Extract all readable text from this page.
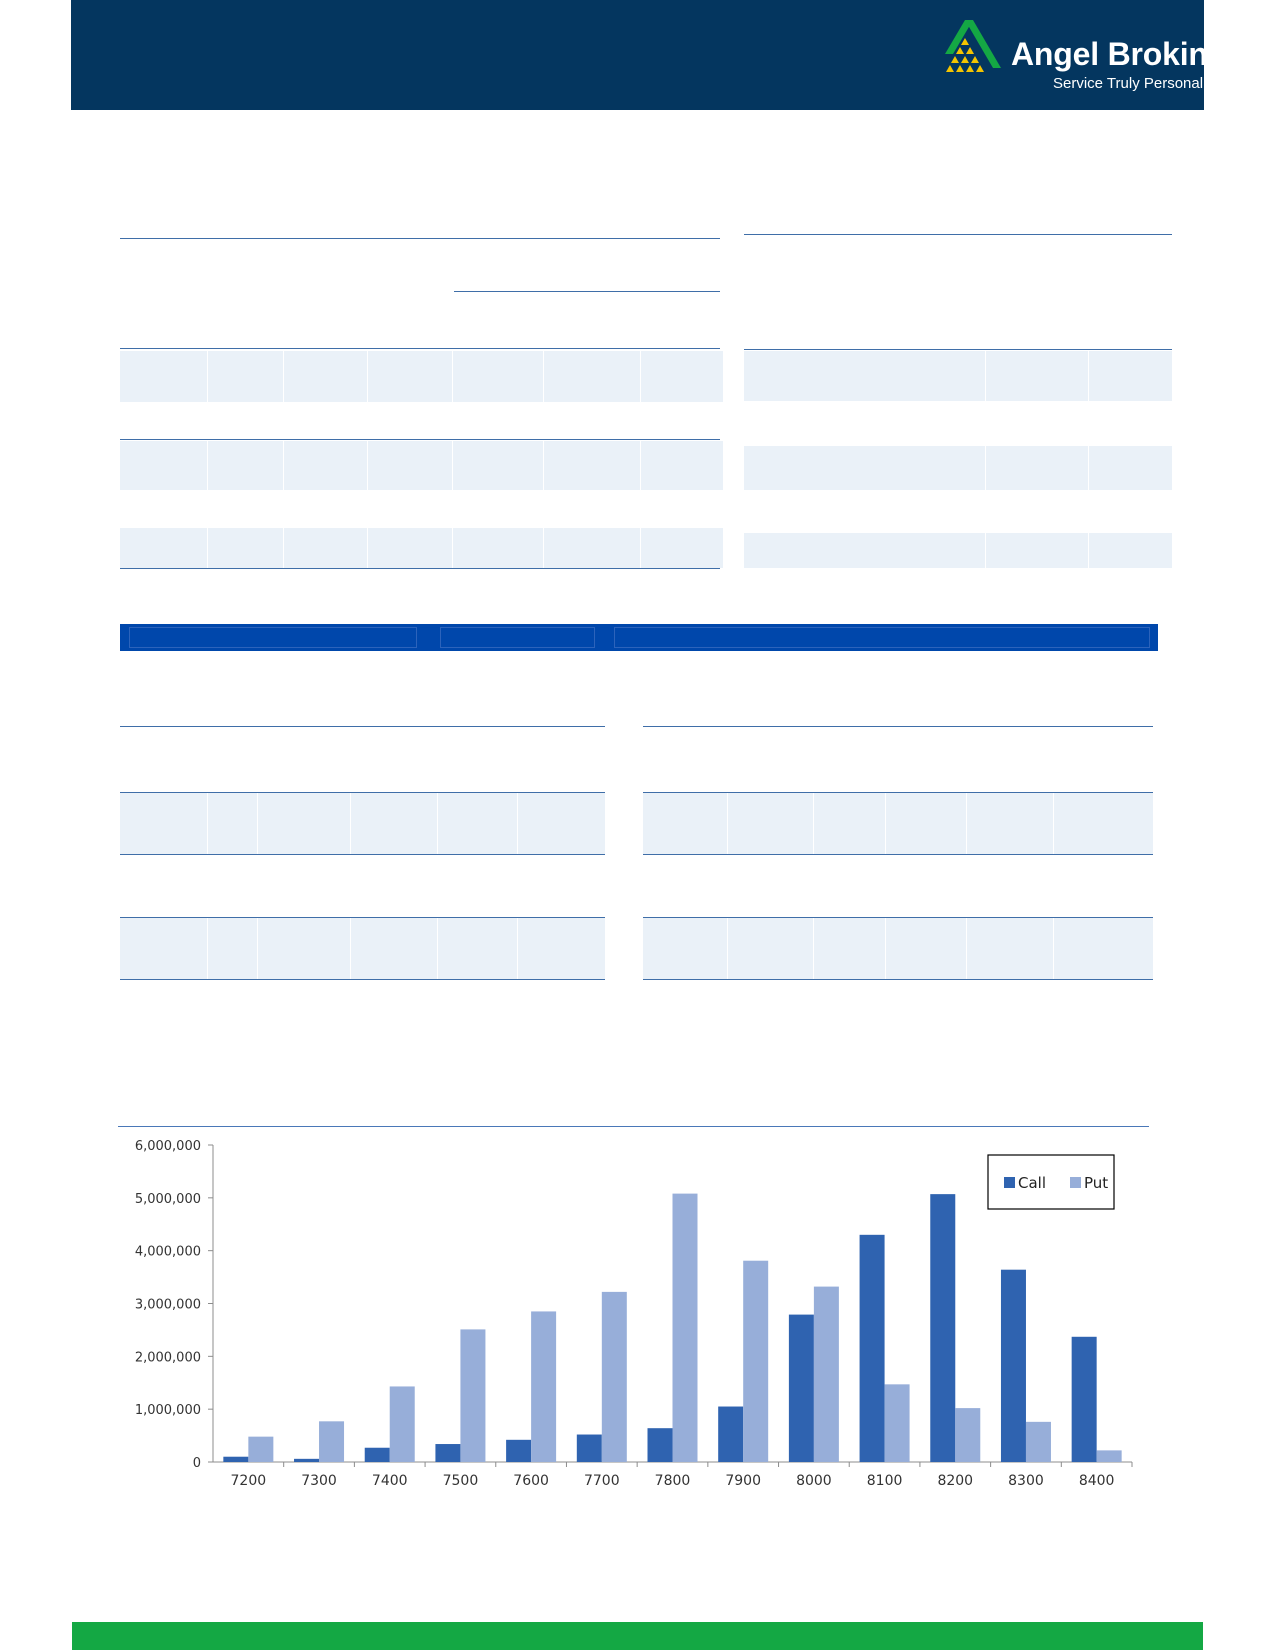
Angel Broking®
Service Truly Personalized
0
1,000,000
2,000,000
3,000,000
4,000,000
5,000,000
6,000,000
7200	7300	7400	7500	7600	7700	7800	7900	8000	8100	8200	8300	8400
Call	Put
